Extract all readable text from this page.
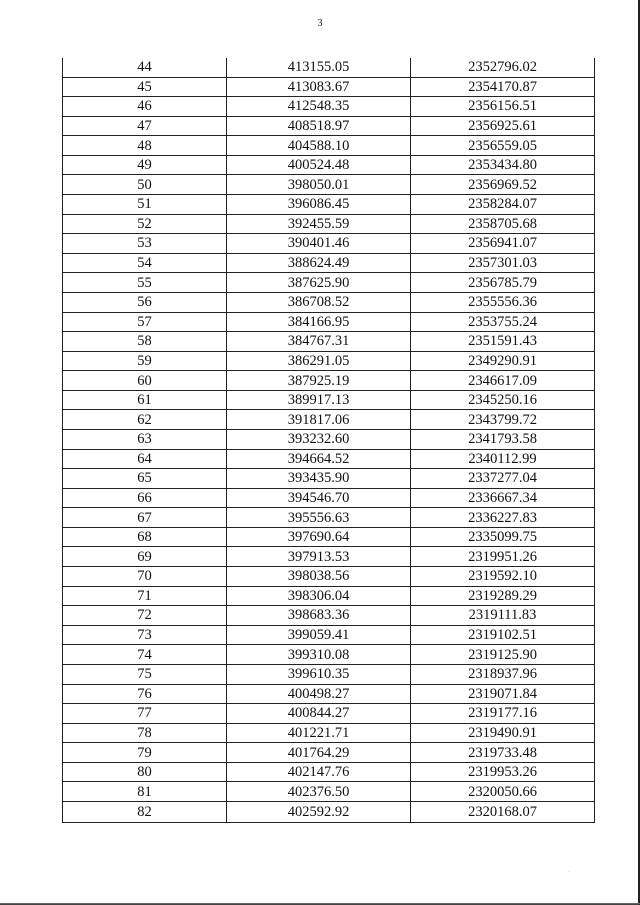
3
44	413155.05	2352796.02
45	413083.67	2354170.87
46	412548.35	2356156.51
47	408518.97	2356925.61
48	404588.10	2356559.05
49	400524.48	2353434.80
50	398050.01	2356969.52
51	396086.45	2358284.07
52	392455.59	2358705.68
53	390401.46	2356941.07
54	388624.49	2357301.03
55	387625.90	2356785.79
56	386708.52	2355556.36
57	384166.95	2353755.24
58	384767.31	2351591.43
59	386291.05	2349290.91
60	387925.19	2346617.09
61	389917.13	2345250.16
62	391817.06	2343799.72
63	393232.60	2341793.58
64	394664.52	2340112.99
65	393435.90	2337277.04
66	394546.70	2336667.34
67	395556.63	2336227.83
68	397690.64	2335099.75
69	397913.53	2319951.26
70	398038.56	2319592.10
71	398306.04	2319289.29
72	398683.36	2319111.83
73	399059.41	2319102.51
74	399310.08	2319125.90
75	399610.35	2318937.96
76	400498.27	2319071.84
77	400844.27	2319177.16
78	401221.71	2319490.91
79	401764.29	2319733.48
80	402147.76	2319953.26
81	402376.50	2320050.66
82	402592.92	2320168.07
·
